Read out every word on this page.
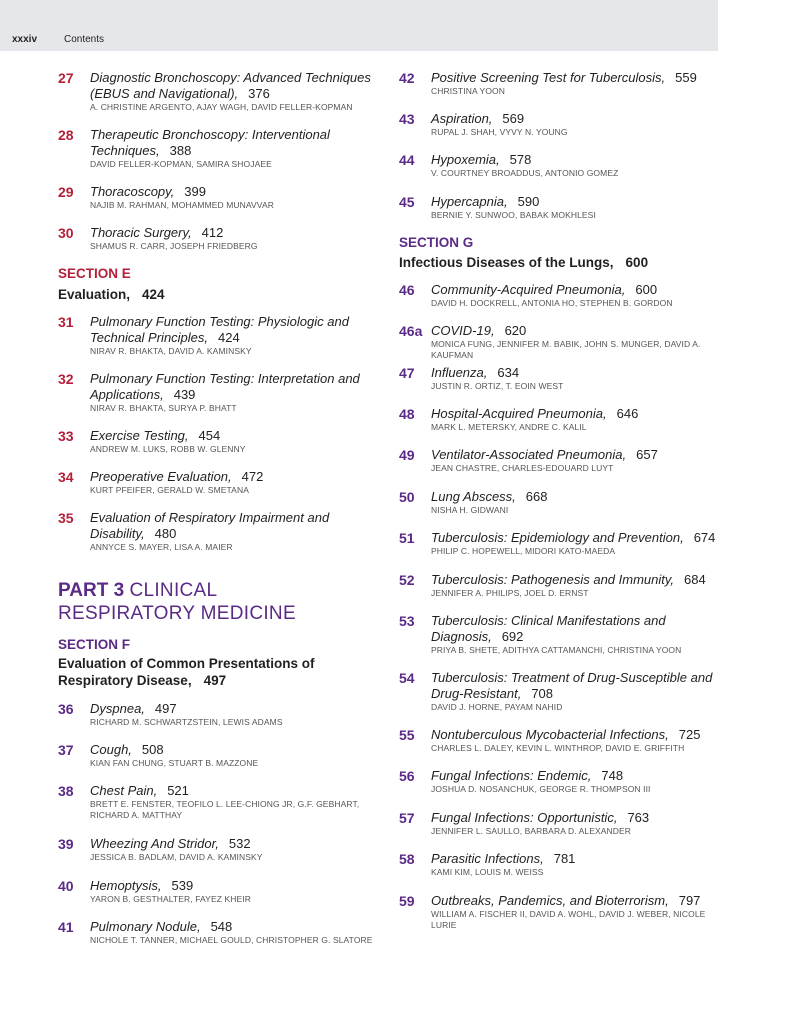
xxxiv	Contents
27 Diagnostic Bronchoscopy: Advanced Techniques (EBUS and Navigational), 376
A. CHRISTINE ARGENTO, AJAY WAGH, DAVID FELLER-KOPMAN
28 Therapeutic Bronchoscopy: Interventional Techniques, 388
DAVID FELLER-KOPMAN, SAMIRA SHOJAEE
29 Thoracoscopy, 399
NAJIB M. RAHMAN, MOHAMMED MUNAVVAR
30 Thoracic Surgery, 412
SHAMUS R. CARR, JOSEPH FRIEDBERG
SECTION E
Evaluation, 424
31 Pulmonary Function Testing: Physiologic and Technical Principles, 424
NIRAV R. BHAKTA, DAVID A. KAMINSKY
32 Pulmonary Function Testing: Interpretation and Applications, 439
NIRAV R. BHAKTA, SURYA P. BHATT
33 Exercise Testing, 454
ANDREW M. LUKS, ROBB W. GLENNY
34 Preoperative Evaluation, 472
KURT PFEIFER, GERALD W. SMETANA
35 Evaluation of Respiratory Impairment and Disability, 480
ANNYCE S. MAYER, LISA A. MAIER
PART 3 CLINICAL RESPIRATORY MEDICINE
SECTION F
Evaluation of Common Presentations of Respiratory Disease, 497
36 Dyspnea, 497
RICHARD M. SCHWARTZSTEIN, LEWIS ADAMS
37 Cough, 508
KIAN FAN CHUNG, STUART B. MAZZONE
38 Chest Pain, 521
BRETT E. FENSTER, TEOFILO L. LEE-CHIONG JR, G.F. GEBHART, RICHARD A. MATTHAY
39 Wheezing And Stridor, 532
JESSICA B. BADLAM, DAVID A. KAMINSKY
40 Hemoptysis, 539
YARON B. GESTHALTER, FAYEZ KHEIR
41 Pulmonary Nodule, 548
NICHOLE T. TANNER, MICHAEL GOULD, CHRISTOPHER G. SLATORE
42 Positive Screening Test for Tuberculosis, 559
CHRISTINA YOON
43 Aspiration, 569
RUPAL J. SHAH, VYVY N. YOUNG
44 Hypoxemia, 578
V. COURTNEY BROADDUS, ANTONIO GOMEZ
45 Hypercapnia, 590
BERNIE Y. SUNWOO, BABAK MOKHLESI
SECTION G
Infectious Diseases of the Lungs, 600
46 Community-Acquired Pneumonia, 600
DAVID H. DOCKRELL, ANTONIA HO, STEPHEN B. GORDON
46a COVID-19, 620
MONICA FUNG, JENNIFER M. BABIK, JOHN S. MUNGER, DAVID A. KAUFMAN
47 Influenza, 634
JUSTIN R. ORTIZ, T. EOIN WEST
48 Hospital-Acquired Pneumonia, 646
MARK L. METERSKY, ANDRE C. KALIL
49 Ventilator-Associated Pneumonia, 657
JEAN CHASTRE, CHARLES-EDOUARD LUYT
50 Lung Abscess, 668
NISHA H. GIDWANI
51 Tuberculosis: Epidemiology and Prevention, 674
PHILIP C. HOPEWELL, MIDORI KATO-MAEDA
52 Tuberculosis: Pathogenesis and Immunity, 684
JENNIFER A. PHILIPS, JOEL D. ERNST
53 Tuberculosis: Clinical Manifestations and Diagnosis, 692
PRIYA B. SHETE, ADITHYA CATTAMANCHI, CHRISTINA YOON
54 Tuberculosis: Treatment of Drug-Susceptible and Drug-Resistant, 708
DAVID J. HORNE, PAYAM NAHID
55 Nontuberculous Mycobacterial Infections, 725
CHARLES L. DALEY, KEVIN L. WINTHROP, DAVID E. GRIFFITH
56 Fungal Infections: Endemic, 748
JOSHUA D. NOSANCHUK, GEORGE R. THOMPSON III
57 Fungal Infections: Opportunistic, 763
JENNIFER L. SAULLO, BARBARA D. ALEXANDER
58 Parasitic Infections, 781
KAMI KIM, LOUIS M. WEISS
59 Outbreaks, Pandemics, and Bioterrorism, 797
WILLIAM A. FISCHER II, DAVID A. WOHL, DAVID J. WEBER, NICOLE LURIE
